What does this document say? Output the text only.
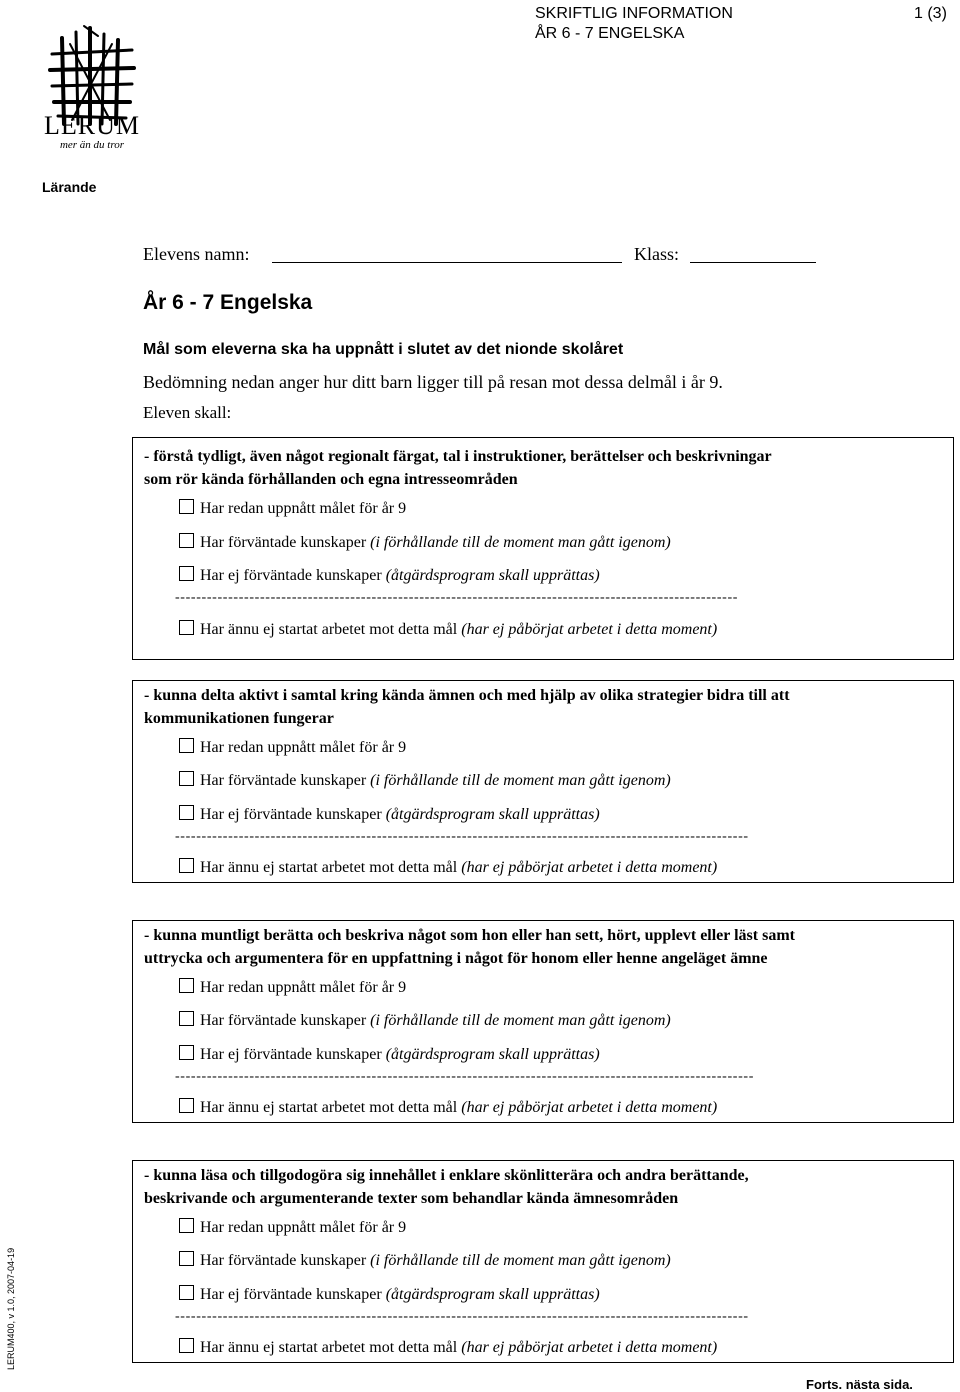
LERUM
mer än du tror
SKRIFTLIG INFORMATION
ÅR 6 - 7 ENGELSKA
1 (3)
Lärande
Elevens namn:	Klass:
År 6 - 7 Engelska
Mål som eleverna ska ha uppnått i slutet av det nionde skolåret
Bedömning nedan anger hur ditt barn ligger till på resan mot dessa delmål i år 9.
Eleven skall:
- förstå tydligt, även något regionalt färgat, tal i instruktioner, berättelser och beskrivningar
som rör kända förhållanden och egna intresseområden
Har redan uppnått målet för år 9
Har förväntade kunskaper (i förhållande till de moment man gått igenom)
Har ej förväntade kunskaper (åtgärdsprogram skall upprättas)
----------------------------------------------------------------------------------------------------------
Har ännu ej startat arbetet mot detta mål (har ej påbörjat arbetet i detta moment)
- kunna delta aktivt i samtal kring kända ämnen och med hjälp av olika strategier bidra till att
kommunikationen fungerar
Har redan uppnått målet för år 9
Har förväntade kunskaper (i förhållande till de moment man gått igenom)
Har ej förväntade kunskaper (åtgärdsprogram skall upprättas)
------------------------------------------------------------------------------------------------------------
Har ännu ej startat arbetet mot detta mål (har ej påbörjat arbetet i detta moment)
- kunna muntligt berätta och beskriva något som hon eller han sett, hört, upplevt eller läst samt
uttrycka och argumentera för en uppfattning i något för honom eller henne angeläget ämne
Har redan uppnått målet för år 9
Har förväntade kunskaper (i förhållande till de moment man gått igenom)
Har ej förväntade kunskaper (åtgärdsprogram skall upprättas)
-------------------------------------------------------------------------------------------------------------
Har ännu ej startat arbetet mot detta mål (har ej påbörjat arbetet i detta moment)
- kunna läsa och tillgodogöra sig innehållet i enklare skönlitterära och andra berättande,
beskrivande och argumenterande texter som behandlar kända ämnesområden
Har redan uppnått målet för år 9
Har förväntade kunskaper (i förhållande till de moment man gått igenom)
Har ej förväntade kunskaper (åtgärdsprogram skall upprättas)
------------------------------------------------------------------------------------------------------------
Har ännu ej startat arbetet mot detta mål (har ej påbörjat arbetet i detta moment)
LERUM400, v 1.0, 2007-04-19
Forts. nästa sida.
